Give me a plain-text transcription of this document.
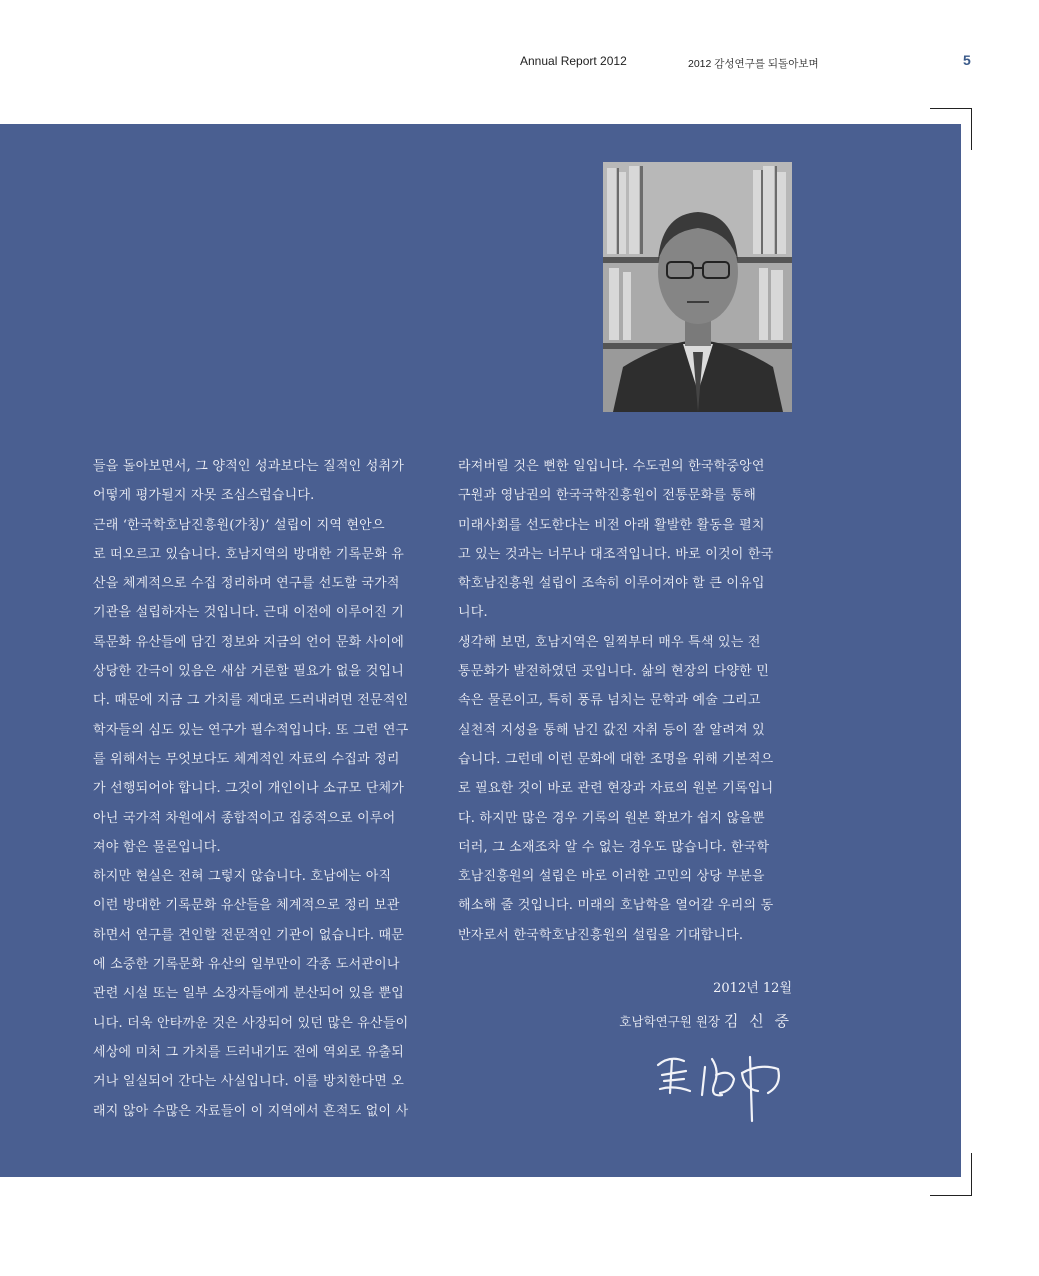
Annual Report 2012	2012 감성연구를 되돌아보며	5
들을 돌아보면서, 그 양적인 성과보다는 질적인 성취가
어떻게 평가될지 자못 조심스럽습니다.
근래 ‘한국학호남진흥원(가칭)’ 설립이 지역 현안으
로 떠오르고 있습니다. 호남지역의 방대한 기록문화 유
산을 체계적으로 수집 정리하며 연구를 선도할 국가적
기관을 설립하자는 것입니다. 근대 이전에 이루어진 기
록문화 유산들에 담긴 정보와 지금의 언어 문화 사이에
상당한 간극이 있음은 새삼 거론할 필요가 없을 것입니
다. 때문에 지금 그 가치를 제대로 드러내려면 전문적인
학자들의 심도 있는 연구가 필수적입니다. 또 그런 연구
를 위해서는 무엇보다도 체계적인 자료의 수집과 정리
가 선행되어야 합니다. 그것이 개인이나 소규모 단체가
아닌 국가적 차원에서 종합적이고 집중적으로 이루어
져야 함은 물론입니다.
하지만 현실은 전혀 그렇지 않습니다. 호남에는 아직
이런 방대한 기록문화 유산들을 체계적으로 정리 보관
하면서 연구를 견인할 전문적인 기관이 없습니다. 때문
에 소중한 기록문화 유산의 일부만이 각종 도서관이나
관련 시설 또는 일부 소장자들에게 분산되어 있을 뿐입
니다. 더욱 안타까운 것은 사장되어 있던 많은 유산들이
세상에 미처 그 가치를 드러내기도 전에 역외로 유출되
거나 일실되어 간다는 사실입니다. 이를 방치한다면 오
래지 않아 수많은 자료들이 이 지역에서 흔적도 없이 사
라져버릴 것은 뻔한 일입니다. 수도권의 한국학중앙연
구원과 영남권의 한국국학진흥원이 전통문화를 통해
미래사회를 선도한다는 비전 아래 활발한 활동을 펼치
고 있는 것과는 너무나 대조적입니다. 바로 이것이 한국
학호남진흥원 설립이 조속히 이루어져야 할 큰 이유입
니다.
생각해 보면, 호남지역은 일찍부터 매우 특색 있는 전
통문화가 발전하였던 곳입니다. 삶의 현장의 다양한 민
속은 물론이고, 특히 풍류 넘치는 문학과 예술 그리고
실천적 지성을 통해 남긴 값진 자취 등이 잘 알려져 있
습니다. 그런데 이런 문화에 대한 조명을 위해 기본적으
로 필요한 것이 바로 관련 현장과 자료의 원본 기록입니
다. 하지만 많은 경우 기록의 원본 확보가 쉽지 않을뿐
더러, 그 소재조차 알 수 없는 경우도 많습니다. 한국학
호남진흥원의 설립은 바로 이러한 고민의 상당 부분을
해소해 줄 것입니다. 미래의 호남학을 열어갈 우리의 동
반자로서 한국학호남진흥원의 설립을 기대합니다.
2012년 12월
호남학연구원 원장 김 신 중
